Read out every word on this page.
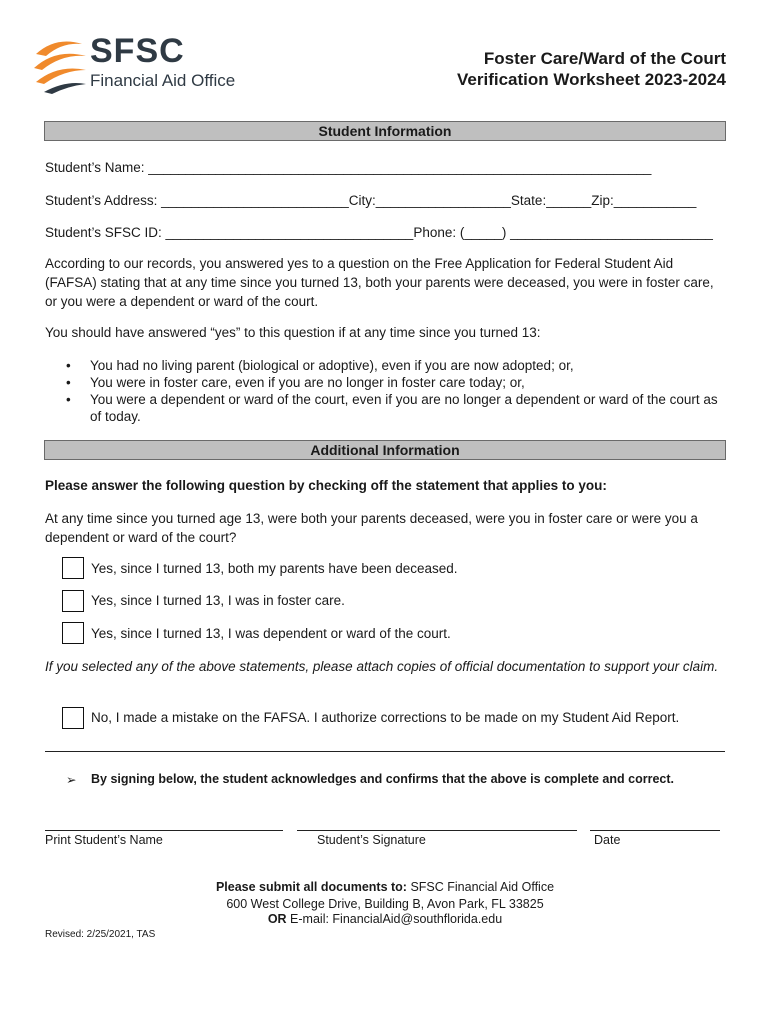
SFSC
Financial Aid Office
Foster Care/Ward of the Court
Verification Worksheet 2023-2024
Student Information
Student’s Name: ___________________________________________________________________
Student’s Address: _________________________City:__________________State:______Zip:___________
Student’s SFSC ID: _________________________________Phone: (_____) ___________________________
According to our records, you answered yes to a question on the Free Application for Federal Student Aid (FAFSA) stating that at any time since you turned 13, both your parents were deceased, you were in foster care, or you were a dependent or ward of the court.
You should have answered “yes” to this question if at any time since you turned 13:
• You had no living parent (biological or adoptive), even if you are now adopted; or,
• You were in foster care, even if you are no longer in foster care today; or,
• You were a dependent or ward of the court, even if you are no longer a dependent or ward of the court as of today.
Additional Information
Please answer the following question by checking off the statement that applies to you:
At any time since you turned age 13, were both your parents deceased, were you in foster care or were you a dependent or ward of the court?
Yes, since I turned 13, both my parents have been deceased.
Yes, since I turned 13, I was in foster care.
Yes, since I turned 13, I was dependent or ward of the court.
If you selected any of the above statements, please attach copies of official documentation to support your claim.
No, I made a mistake on the FAFSA. I authorize corrections to be made on my Student Aid Report.
➢ By signing below, the student acknowledges and confirms that the above is complete and correct.
Print Student’s Name	Student’s Signature	Date
Please submit all documents to: SFSC Financial Aid Office
600 West College Drive, Building B, Avon Park, FL 33825
OR E-mail: FinancialAid@southflorida.edu
Revised: 2/25/2021, TAS
